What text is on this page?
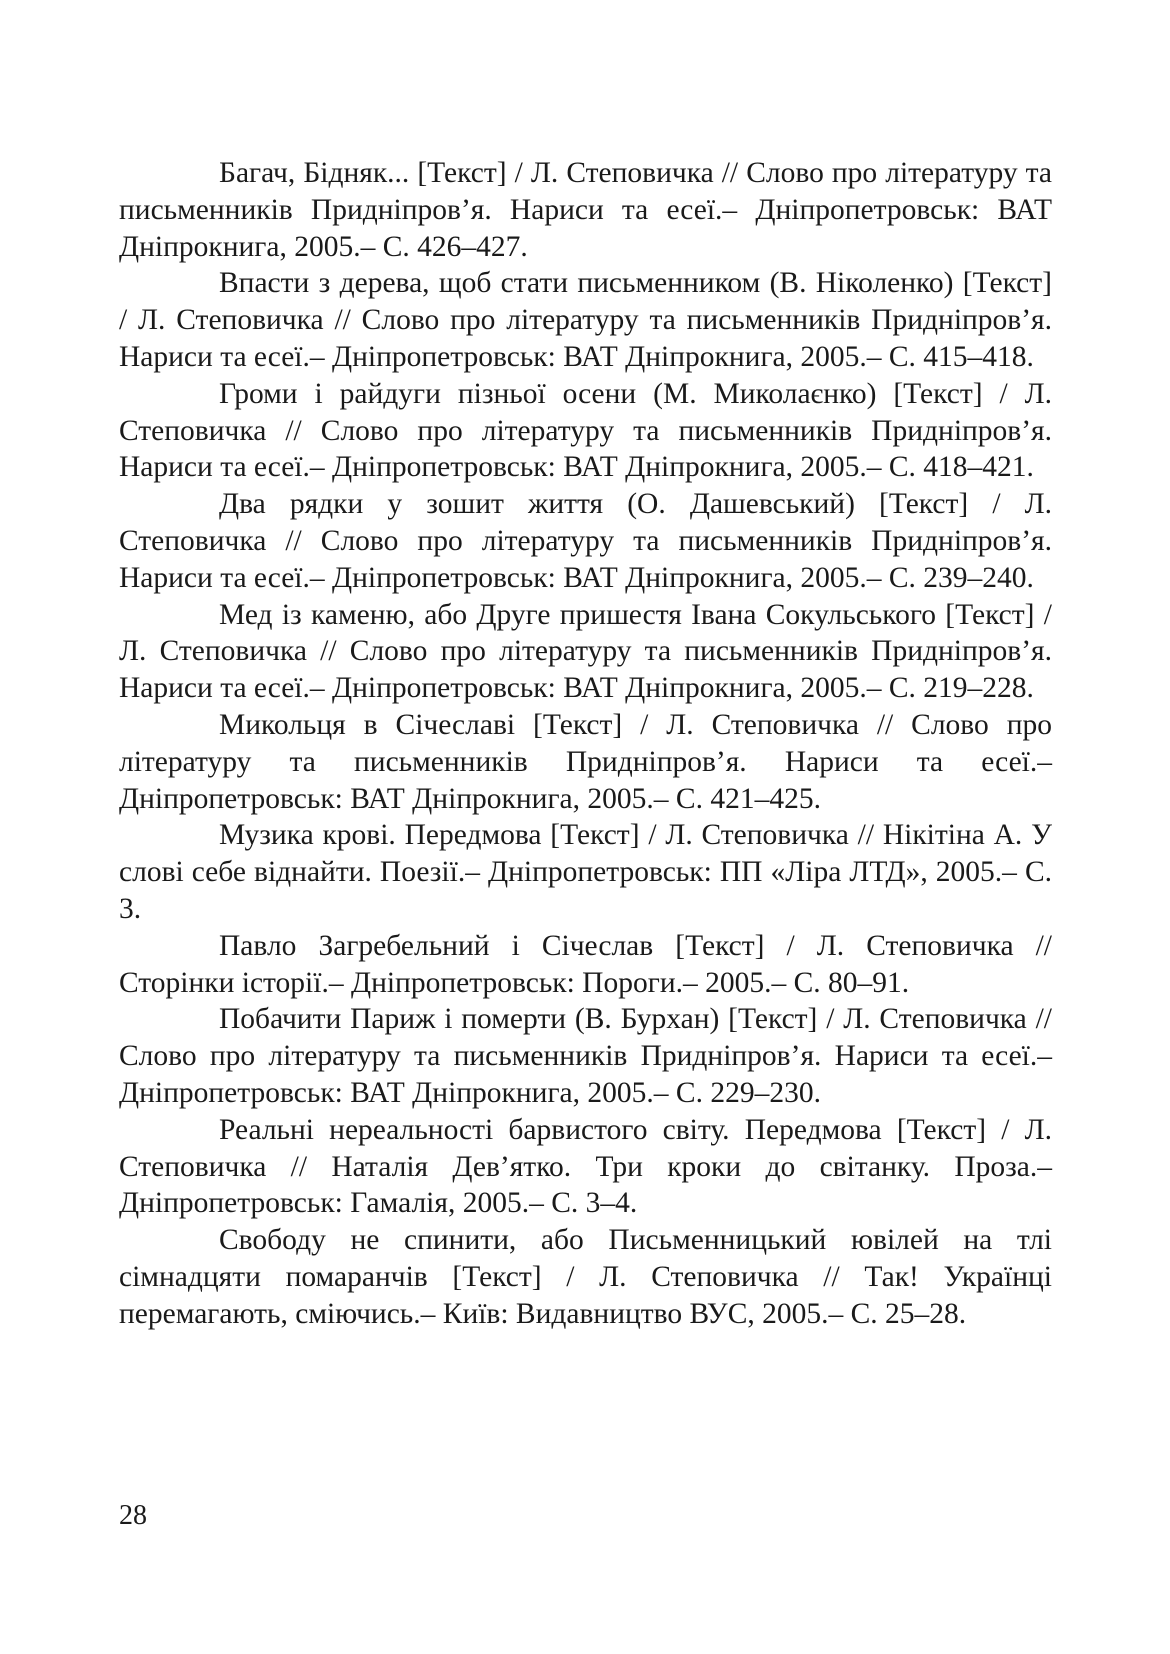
Багач, Бідняк... [Текст] / Л. Степовичка // Слово про літературу та письменників Придніпров’я. Нариси та есеї.– Дніпропетровськ: ВАТ Дніпрокнига, 2005.– С. 426–427.

Впасти з дерева, щоб стати письменником (В. Ніколенко) [Текст] / Л. Степовичка // Слово про літературу та письменників Придніпров’я. Нариси та есеї.– Дніпропетровськ: ВАТ Дніпрокнига, 2005.– С. 415–418.

Громи і райдуги пізньої осени (М. Миколаєнко) [Текст] / Л. Степовичка // Слово про літературу та письменників Придніпров’я. Нариси та есеї.– Дніпропетровськ: ВАТ Дніпрокнига, 2005.– С. 418–421.

Два рядки у зошит життя (О. Дашевський) [Текст] / Л. Степовичка // Слово про літературу та письменників Придніпров’я. Нариси та есеї.– Дніпропетровськ: ВАТ Дніпрокнига, 2005.– С. 239–240.

Мед із каменю, або Друге пришестя Івана Сокульського [Текст] / Л. Степовичка // Слово про літературу та письменників Придніпров’я. Нариси та есеї.– Дніпропетровськ: ВАТ Дніпрокнига, 2005.– С. 219–228.

Микольця в Січеславі [Текст] / Л. Степовичка // Слово про літературу та письменників Придніпров’я. Нариси та есеї.– Дніпропетровськ: ВАТ Дніпрокнига, 2005.– С. 421–425.

Музика крові. Передмова [Текст] / Л. Степовичка // Нікітіна А. У слові себе віднайти. Поезії.– Дніпропетровськ: ПП «Ліра ЛТД», 2005.– С. 3.

Павло Загребельний і Січеслав [Текст] / Л. Степовичка // Сторінки історії.– Дніпропетровськ: Пороги.– 2005.– С. 80–91.

Побачити Париж і померти (В. Бурхан) [Текст] / Л. Степовичка // Слово про літературу та письменників Придніпров’я. Нариси та есеї.– Дніпропетровськ: ВАТ Дніпрокнига, 2005.– С. 229–230.

Реальні нереальності барвистого світу. Передмова [Текст] / Л. Степовичка // Наталія Дев’ятко. Три кроки до світанку. Проза.– Дніпропетровськ: Гамалія, 2005.– С. 3–4.

Свободу не спинити, або Письменницький ювілей на тлі сімнадцяти помаранчів [Текст] / Л. Степовичка // Так! Українці перемагають, сміючись.– Київ: Видавництво ВУС, 2005.– С. 25–28.

28
